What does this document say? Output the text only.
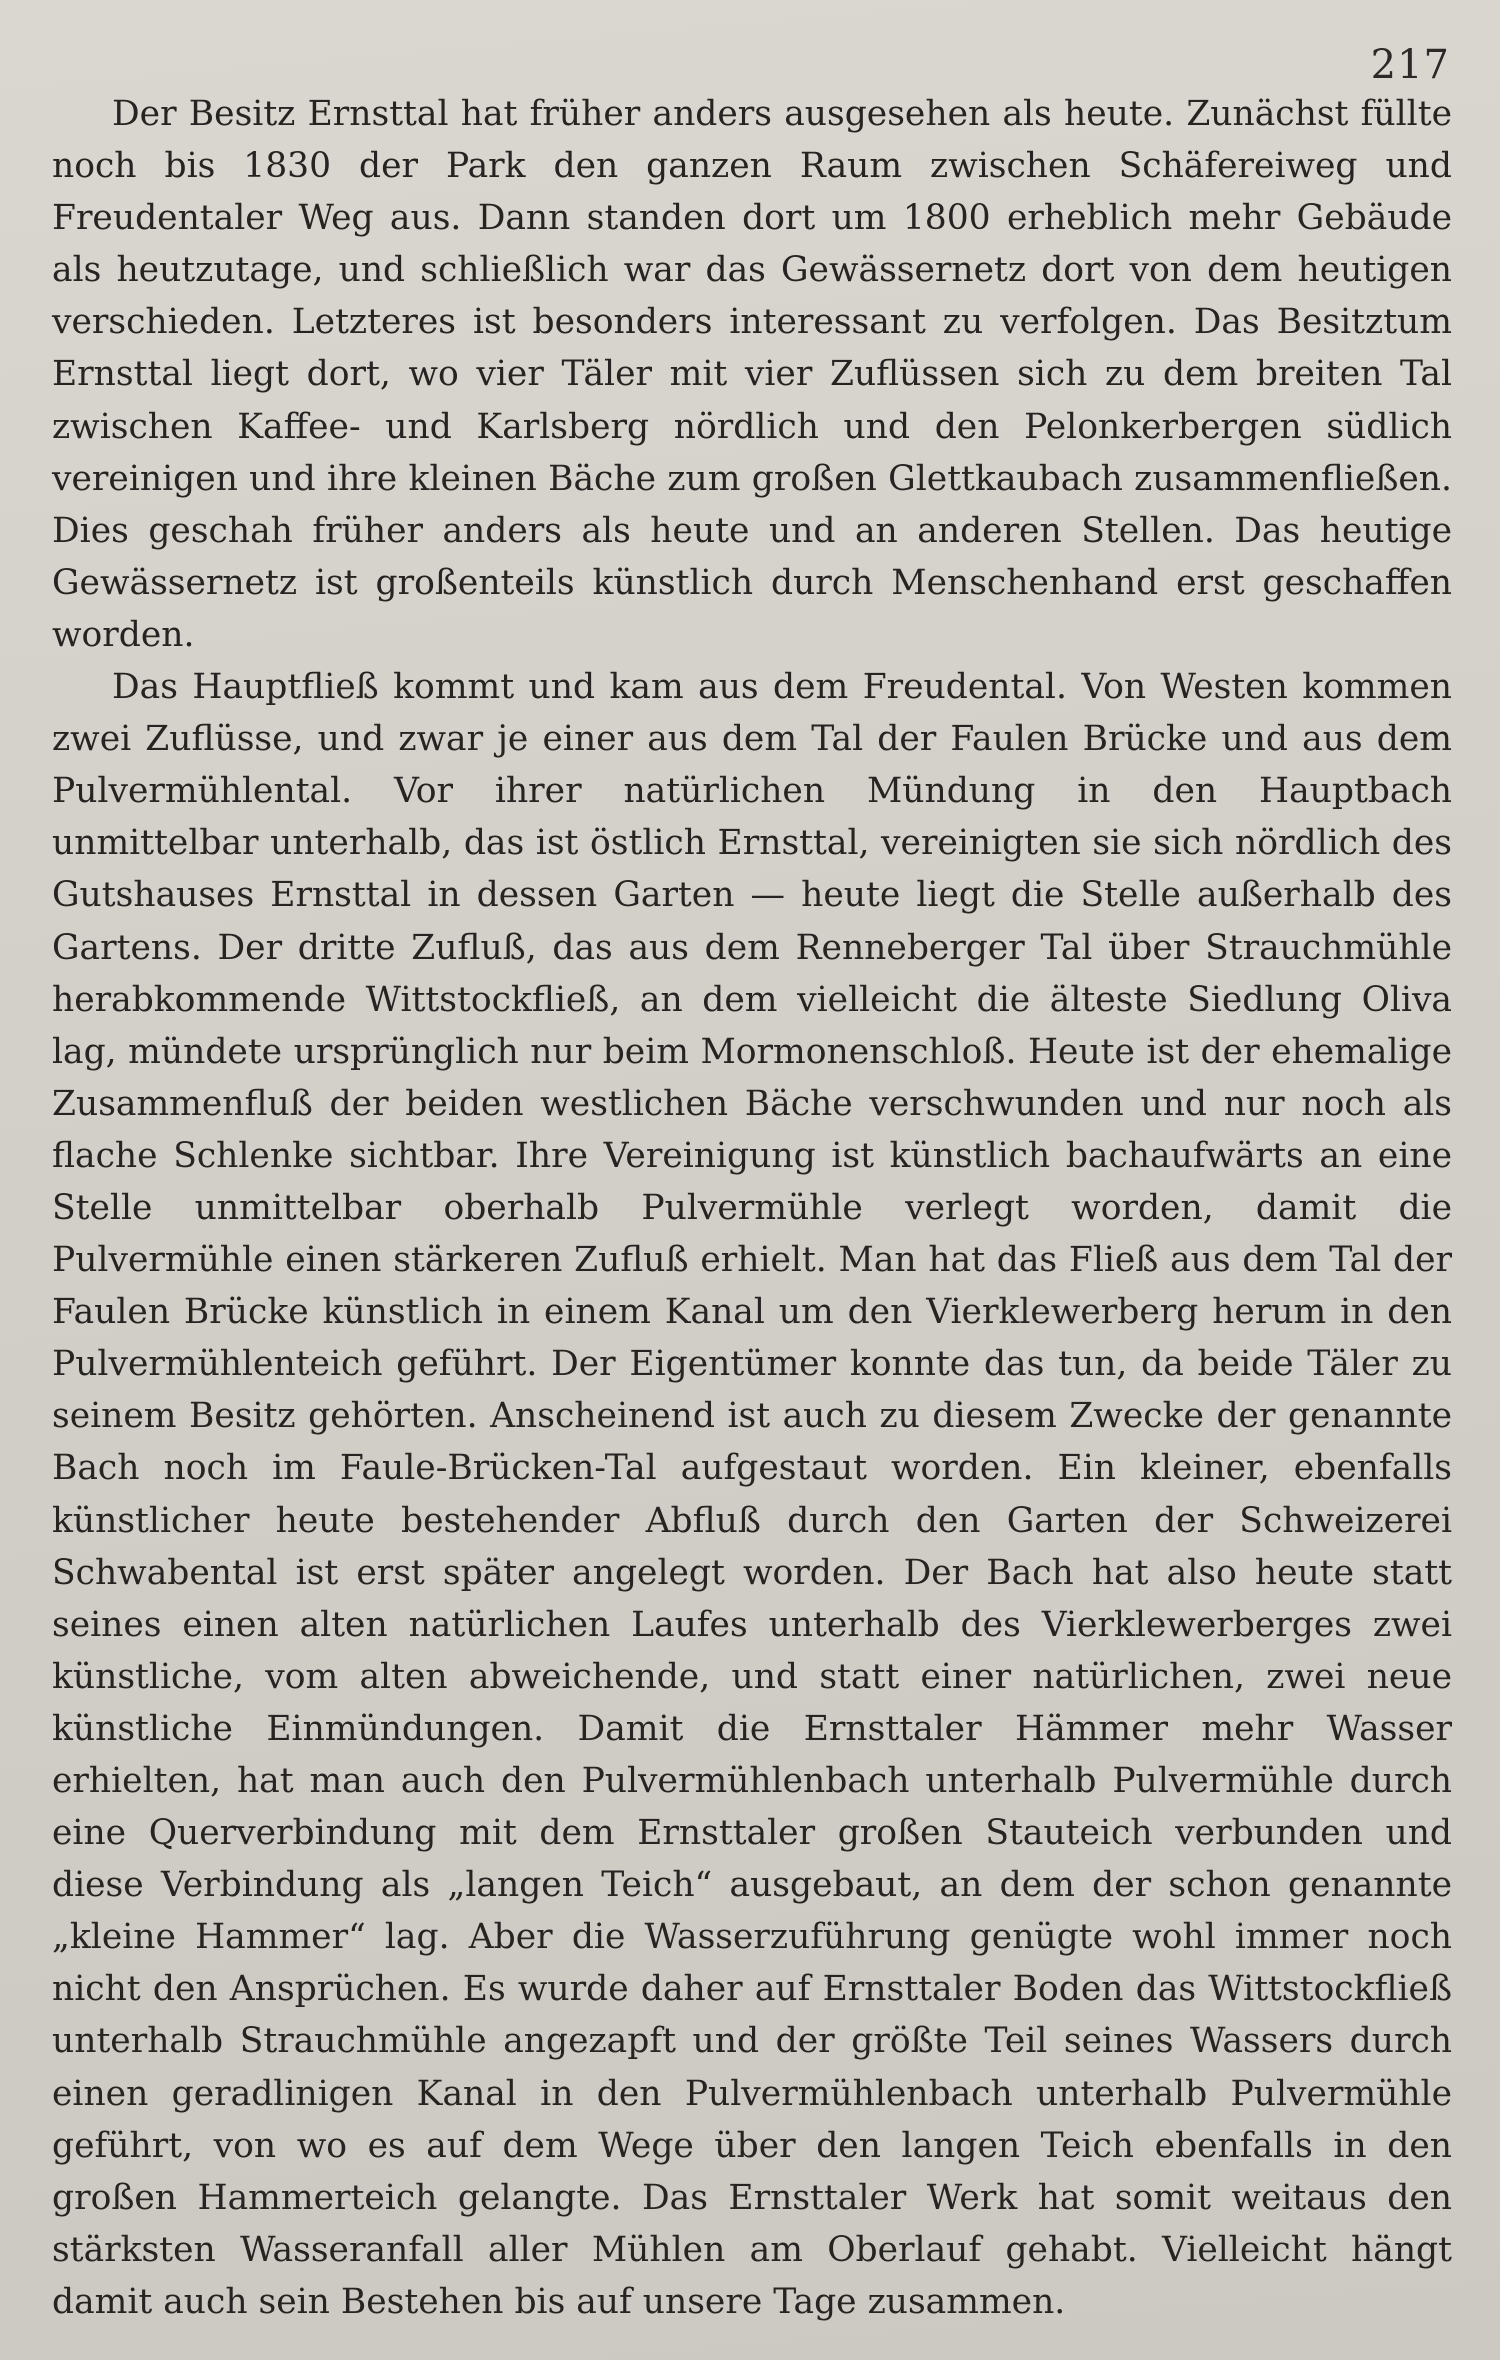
217

Der Besitz Ernsttal hat früher anders ausgesehen als heute. Zunächst füllte noch bis 1830 der Park den ganzen Raum zwischen Schäfereiweg und Freudentaler Weg aus. Dann standen dort um 1800 erheblich mehr Gebäude als heutzutage, und schließlich war das Gewässernetz dort von dem heutigen verschieden. Letzteres ist besonders interessant zu verfolgen. Das Besitztum Ernsttal liegt dort, wo vier Täler mit vier Zuflüssen sich zu dem breiten Tal zwischen Kaffee- und Karlsberg nördlich und den Pelonkerbergen südlich vereinigen und ihre kleinen Bäche zum großen Glettkaubach zusammenfließen. Dies geschah früher anders als heute und an anderen Stellen. Das heutige Gewässernetz ist großenteils künstlich durch Menschenhand erst geschaffen worden.

Das Hauptfließ kommt und kam aus dem Freudental. Von Westen kommen zwei Zuflüsse, und zwar je einer aus dem Tal der Faulen Brücke und aus dem Pulvermühlental. Vor ihrer natürlichen Mündung in den Hauptbach unmittelbar unterhalb, das ist östlich Ernsttal, vereinigten sie sich nördlich des Gutshauses Ernsttal in dessen Garten — heute liegt die Stelle außerhalb des Gartens. Der dritte Zufluß, das aus dem Renneberger Tal über Strauchmühle herabkommende Wittstockfließ, an dem vielleicht die älteste Siedlung Oliva lag, mündete ursprünglich nur beim Mormonenschloß. Heute ist der ehemalige Zusammenfluß der beiden westlichen Bäche verschwunden und nur noch als flache Schlenke sichtbar. Ihre Vereinigung ist künstlich bachaufwärts an eine Stelle unmittelbar oberhalb Pulvermühle verlegt worden, damit die Pulvermühle einen stärkeren Zufluß erhielt. Man hat das Fließ aus dem Tal der Faulen Brücke künstlich in einem Kanal um den Vierklewerberg herum in den Pulvermühlenteich geführt. Der Eigentümer konnte das tun, da beide Täler zu seinem Besitz gehörten. Anscheinend ist auch zu diesem Zwecke der genannte Bach noch im Faule-Brücken-Tal aufgestaut worden. Ein kleiner, ebenfalls künstlicher heute bestehender Abfluß durch den Garten der Schweizerei Schwabental ist erst später angelegt worden. Der Bach hat also heute statt seines einen alten natürlichen Laufes unterhalb des Vierklewerberges zwei künstliche, vom alten abweichende, und statt einer natürlichen, zwei neue künstliche Einmündungen. Damit die Ernsttaler Hämmer mehr Wasser erhielten, hat man auch den Pulvermühlenbach unterhalb Pulvermühle durch eine Querverbindung mit dem Ernsttaler großen Stauteich verbunden und diese Verbindung als „langen Teich“ ausgebaut, an dem der schon genannte „kleine Hammer“ lag. Aber die Wasserzuführung genügte wohl immer noch nicht den Ansprüchen. Es wurde daher auf Ernsttaler Boden das Wittstockfließ unterhalb Strauchmühle angezapft und der größte Teil seines Wassers durch einen geradlinigen Kanal in den Pulvermühlenbach unterhalb Pulvermühle geführt, von wo es auf dem Wege über den langen Teich ebenfalls in den großen Hammerteich gelangte. Das Ernsttaler Werk hat somit weitaus den stärksten Wasseranfall aller Mühlen am Oberlauf gehabt. Vielleicht hängt damit auch sein Bestehen bis auf unsere Tage zusammen.
